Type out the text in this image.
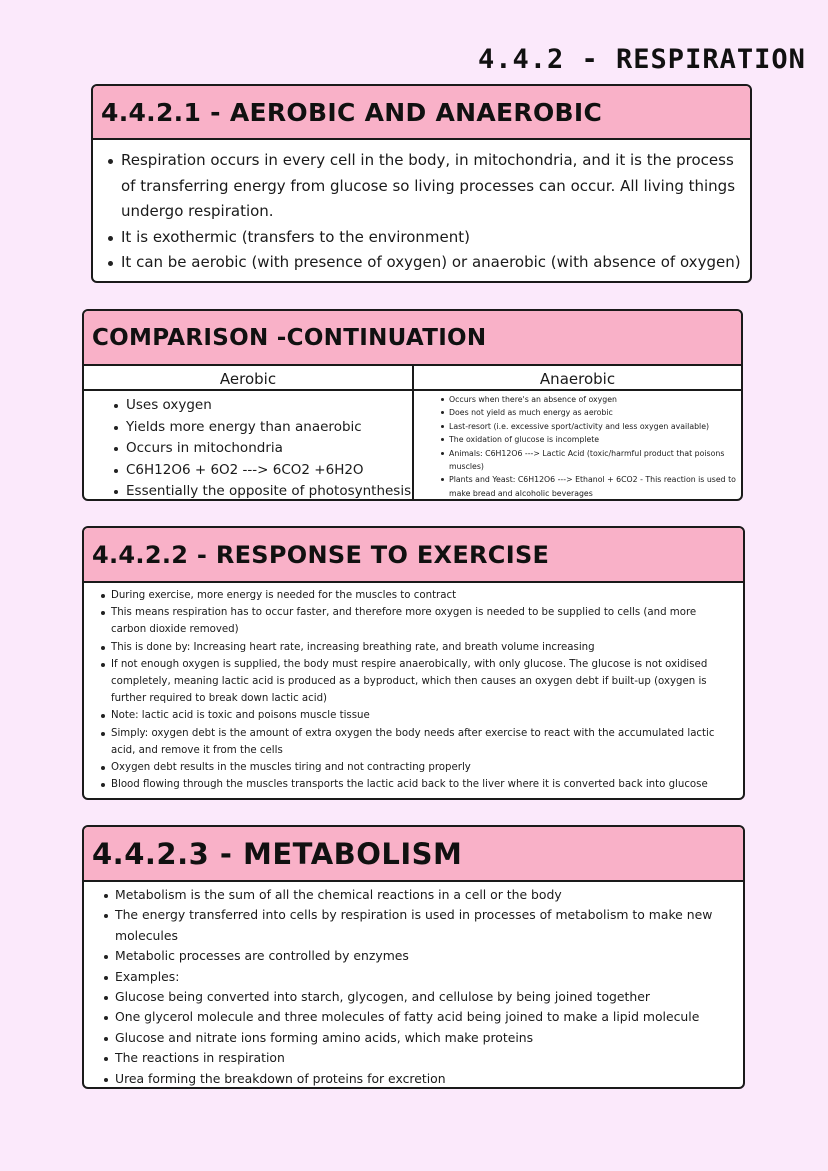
4.4.2 - RESPIRATION
4.4.2.1 - AEROBIC AND ANAEROBIC
Respiration occurs in every cell in the body, in mitochondria, and it is the process of transferring energy from glucose so living processes can occur. All living things undergo respiration.
It is exothermic (transfers to the environment)
It can be aerobic (with presence of oxygen) or anaerobic (with absence of oxygen)
COMPARISON -CONTINUATION
Aerobic
Uses oxygen
Yields more energy than anaerobic
Occurs in mitochondria
C6H12O6 + 6O2 ---> 6CO2 +6H2O
Essentially the opposite of photosynthesis
Anaerobic
Occurs when there's an absence of oxygen
Does not yield as much energy as aerobic
Last-resort (i.e. excessive sport/activity and less oxygen available)
The oxidation of glucose is incomplete
Animals: C6H12O6 ---> Lactic Acid (toxic/harmful product that poisons muscles)
Plants and Yeast: C6H12O6 ---> Ethanol + 6CO2 - This reaction is used to make bread and alcoholic beverages
4.4.2.2 - RESPONSE TO EXERCISE
During exercise, more energy is needed for the muscles to contract
This means respiration has to occur faster, and therefore more oxygen is needed to be supplied to cells (and more carbon dioxide removed)
This is done by: Increasing heart rate, increasing breathing rate, and breath volume increasing
If not enough oxygen is supplied, the body must respire anaerobically, with only glucose. The glucose is not oxidised completely, meaning lactic acid is produced as a byproduct, which then causes an oxygen debt if built-up (oxygen is further required to break down lactic acid)
Note: lactic acid is toxic and poisons muscle tissue
Simply: oxygen debt is the amount of extra oxygen the body needs after exercise to react with the accumulated lactic acid, and remove it from the cells
Oxygen debt results in the muscles tiring and not contracting properly
Blood flowing through the muscles transports the lactic acid back to the liver where it is converted back into glucose
4.4.2.3 - METABOLISM
Metabolism is the sum of all the chemical reactions in a cell or the body
The energy transferred into cells by respiration is used in processes of metabolism to make new molecules
Metabolic processes are controlled by enzymes
Examples:
Glucose being converted into starch, glycogen, and cellulose by being joined together
One glycerol molecule and three molecules of fatty acid being joined to make a lipid molecule
Glucose and nitrate ions forming amino acids, which make proteins
The reactions in respiration
Urea forming the breakdown of proteins for excretion
